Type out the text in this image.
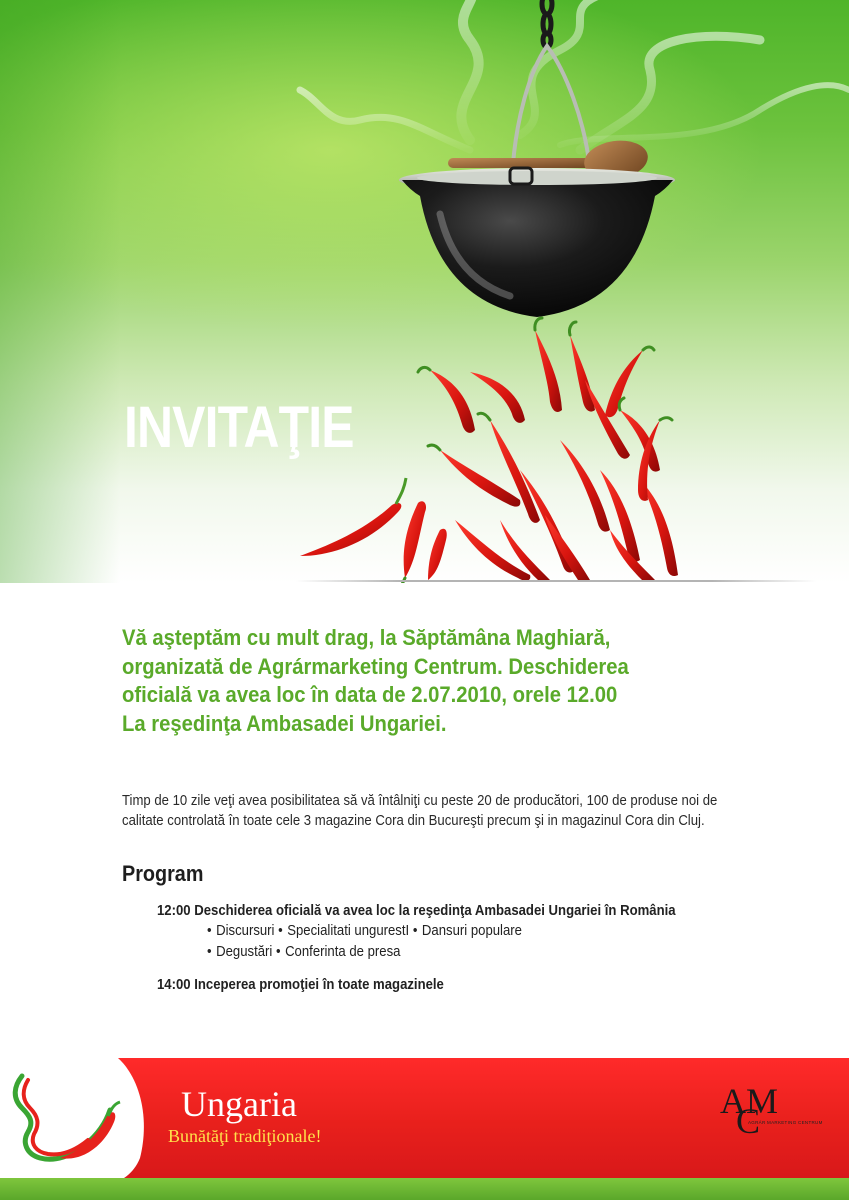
INVITAŢIE

Vă aşteptăm cu mult drag, la Săptămâna Maghiară,
organizată de Agrármarketing Centrum. Deschiderea
oficială va avea loc în data de 2.07.2010, orele 12.00
La reşedinţa Ambasadei Ungariei.

Timp de 10 zile veţi avea posibilitatea să vă întâlniţi cu peste 20 de producători, 100 de produse noi de
calitate controlată în toate cele 3 magazine Cora din Bucureşti precum şi in magazinul Cora din Cluj.

Program

12:00 Deschiderea oficială va avea loc la reşedinţa Ambasadei Ungariei în România

• Discursuri • Specialitati ungurestI • Dansuri populare

• Degustări • Conferinta de presa

14:00 Inceperea promoţiei în toate magazinele

Ungaria

Bunătăţi tradiţionale!

A M
C
AGRÁR MARKETING CENTRUM
